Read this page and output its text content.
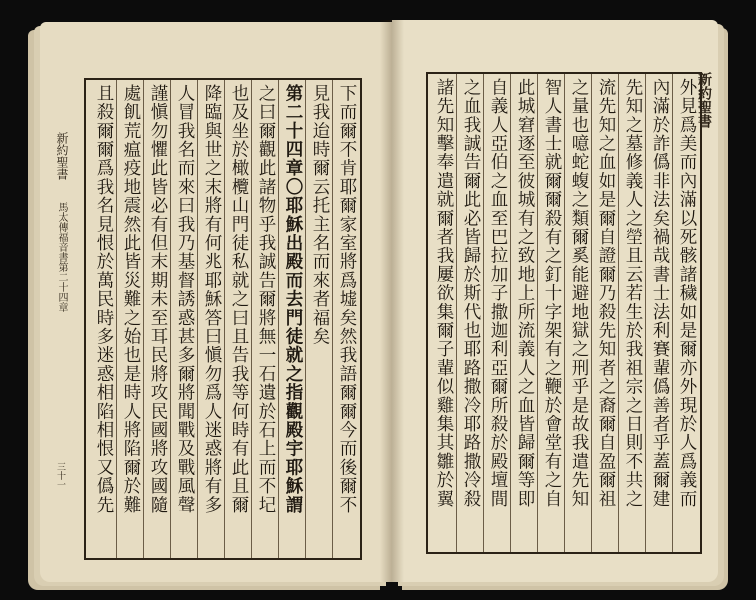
新約聖書
馬太傳福音書第二十四章
三十一	下而爾不肯耶爾家室將爲墟矣然我語爾爾今而後爾不
見我迨時爾云托主名而來者福矣
第二十四章〇耶穌出殿而去門徒就之指觀殿宇耶穌謂
之曰爾觀此諸物乎我誠告爾將無一石遺於石上而不圮
也及坐於橄欖山門徒私就之曰且告我等何時有此且爾
降臨與世之末將有何兆耶穌答曰愼勿爲人迷惑將有多
人冒我名而來曰我乃基督誘惑甚多爾將聞戰及戰風聲
謹愼勿懼此皆必有但末期未至耳民將攻民國將攻國隨
處飢荒瘟疫地震然此皆災難之始也是時人將陷爾於難
且殺爾爾爲我名見恨於萬民時多迷惑相陷相恨又僞先	外見爲美而內滿以死骸諸穢如是爾亦外現於人爲義而
內滿於詐僞非法矣禍哉書士法利賽輩僞善者乎蓋爾建
先知之墓修義人之塋且云若生於我祖宗之日則不共之
流先知之血如是爾自證爾乃殺先知者之裔爾自盈爾祖
之量也噫蛇蝮之類爾奚能避地獄之刑乎是故我遣先知
智人書士就爾爾殺有之釘十字架有之鞭於會堂有之自
此城窘逐至彼城有之致地上所流義人之血皆歸爾等即
自義人亞伯之血至巴拉加子撒迦利亞爾所殺於殿壇間
之血我誠告爾此必皆歸於斯代也耶路撒冷耶路撒冷殺
諸先知擊奉遣就爾者我屢欲集爾子輩似雞集其雛於翼	新約聖書
